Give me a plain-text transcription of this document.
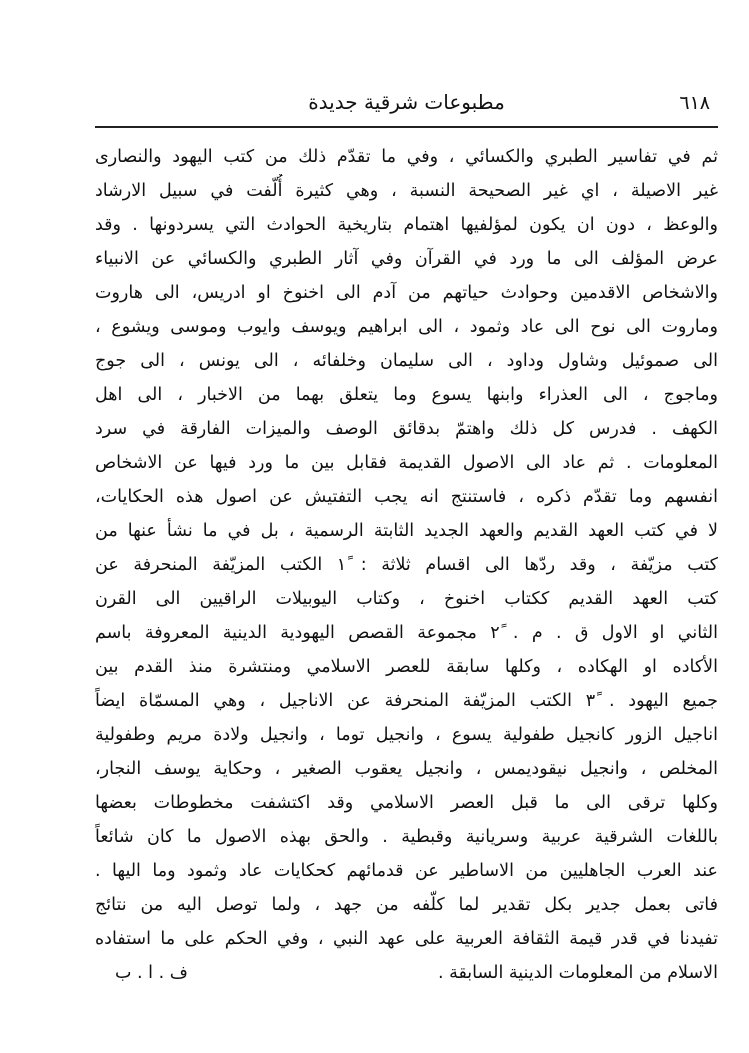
٦١٨
مطبوعات شرقية جديدة
ثم في تفاسير الطبري والكسائي ، وفي ما تقدّم ذلك من كتب اليهود والنصارى
غير الاصيلة ، اي غير الصحيحة النسبة ، وهي كثيرة أُلّفت في سبيل الارشاد
والوعظ ، دون ان يكون لمؤلفيها اهتمام بتاريخية الحوادث التي يسردونها . وقد
عرض المؤلف الى ما ورد في القرآن وفي آثار الطبري والكسائي عن الانبياء
والاشخاص الاقدمين وحوادث حياتهم من آدم الى اخنوخ او ادريس، الى هاروت
وماروت الى نوح الى عاد وثمود ، الى ابراهيم ويوسف وايوب وموسى ويشوع ،
الى صموئيل وشاول وداود ، الى سليمان وخلفائه ، الى يونس ، الى جوج
وماجوج ، الى العذراء وابنها يسوع وما يتعلق بهما من الاخبار ، الى اهل
الكهف . فدرس كل ذلك واهتمّ بدقائق الوصف والميزات الفارقة في سرد
المعلومات . ثم عاد الى الاصول القديمة فقابل بين ما ورد فيها عن الاشخاص
انفسهم وما تقدّم ذكره ، فاستنتج انه يجب التفتيش عن اصول هذه الحكايات،
لا في كتب العهد القديم والعهد الجديد الثابتة الرسمية ، بل في ما نشأ عنها من
كتب مزيّفة ، وقد ردّها الى اقسام ثلاثة : ١ً الكتب المزيّفة المنحرفة عن
كتب العهد القديم ككتاب اخنوخ ، وكتاب اليوبيلات الراقيين الى القرن
الثاني او الاول ق . م . ٢ً مجموعة القصص اليهودية الدينية المعروفة باسم
الأكاده او الهكاده ، وكلها سابقة للعصر الاسلامي ومنتشرة منذ القدم بين
جميع اليهود . ٣ً الكتب المزيّفة المنحرفة عن الاناجيل ، وهي المسمّاة ايضاً
اناجيل الزور كانجيل طفولية يسوع ، وانجيل توما ، وانجيل ولادة مريم وطفولية
المخلص ، وانجيل نيقوديمس ، وانجيل يعقوب الصغير ، وحكاية يوسف النجار،
وكلها ترقى الى ما قبل العصر الاسلامي وقد اكتشفت مخطوطات بعضها
باللغات الشرقية عربية وسريانية وقبطية . والحق بهذه الاصول ما كان شائعاً
عند العرب الجاهليين من الاساطير عن قدمائهم كحكايات عاد وثمود وما اليها .
فاتى بعمل جدير بكل تقدير لما كلّفه من جهد ، ولما توصل اليه من نتائج
تفيدنا في قدر قيمة الثقافة العربية على عهد النبي ، وفي الحكم على ما استفاده
الاسلام من المعلومات الدينية السابقة .
ف . ا . ب
